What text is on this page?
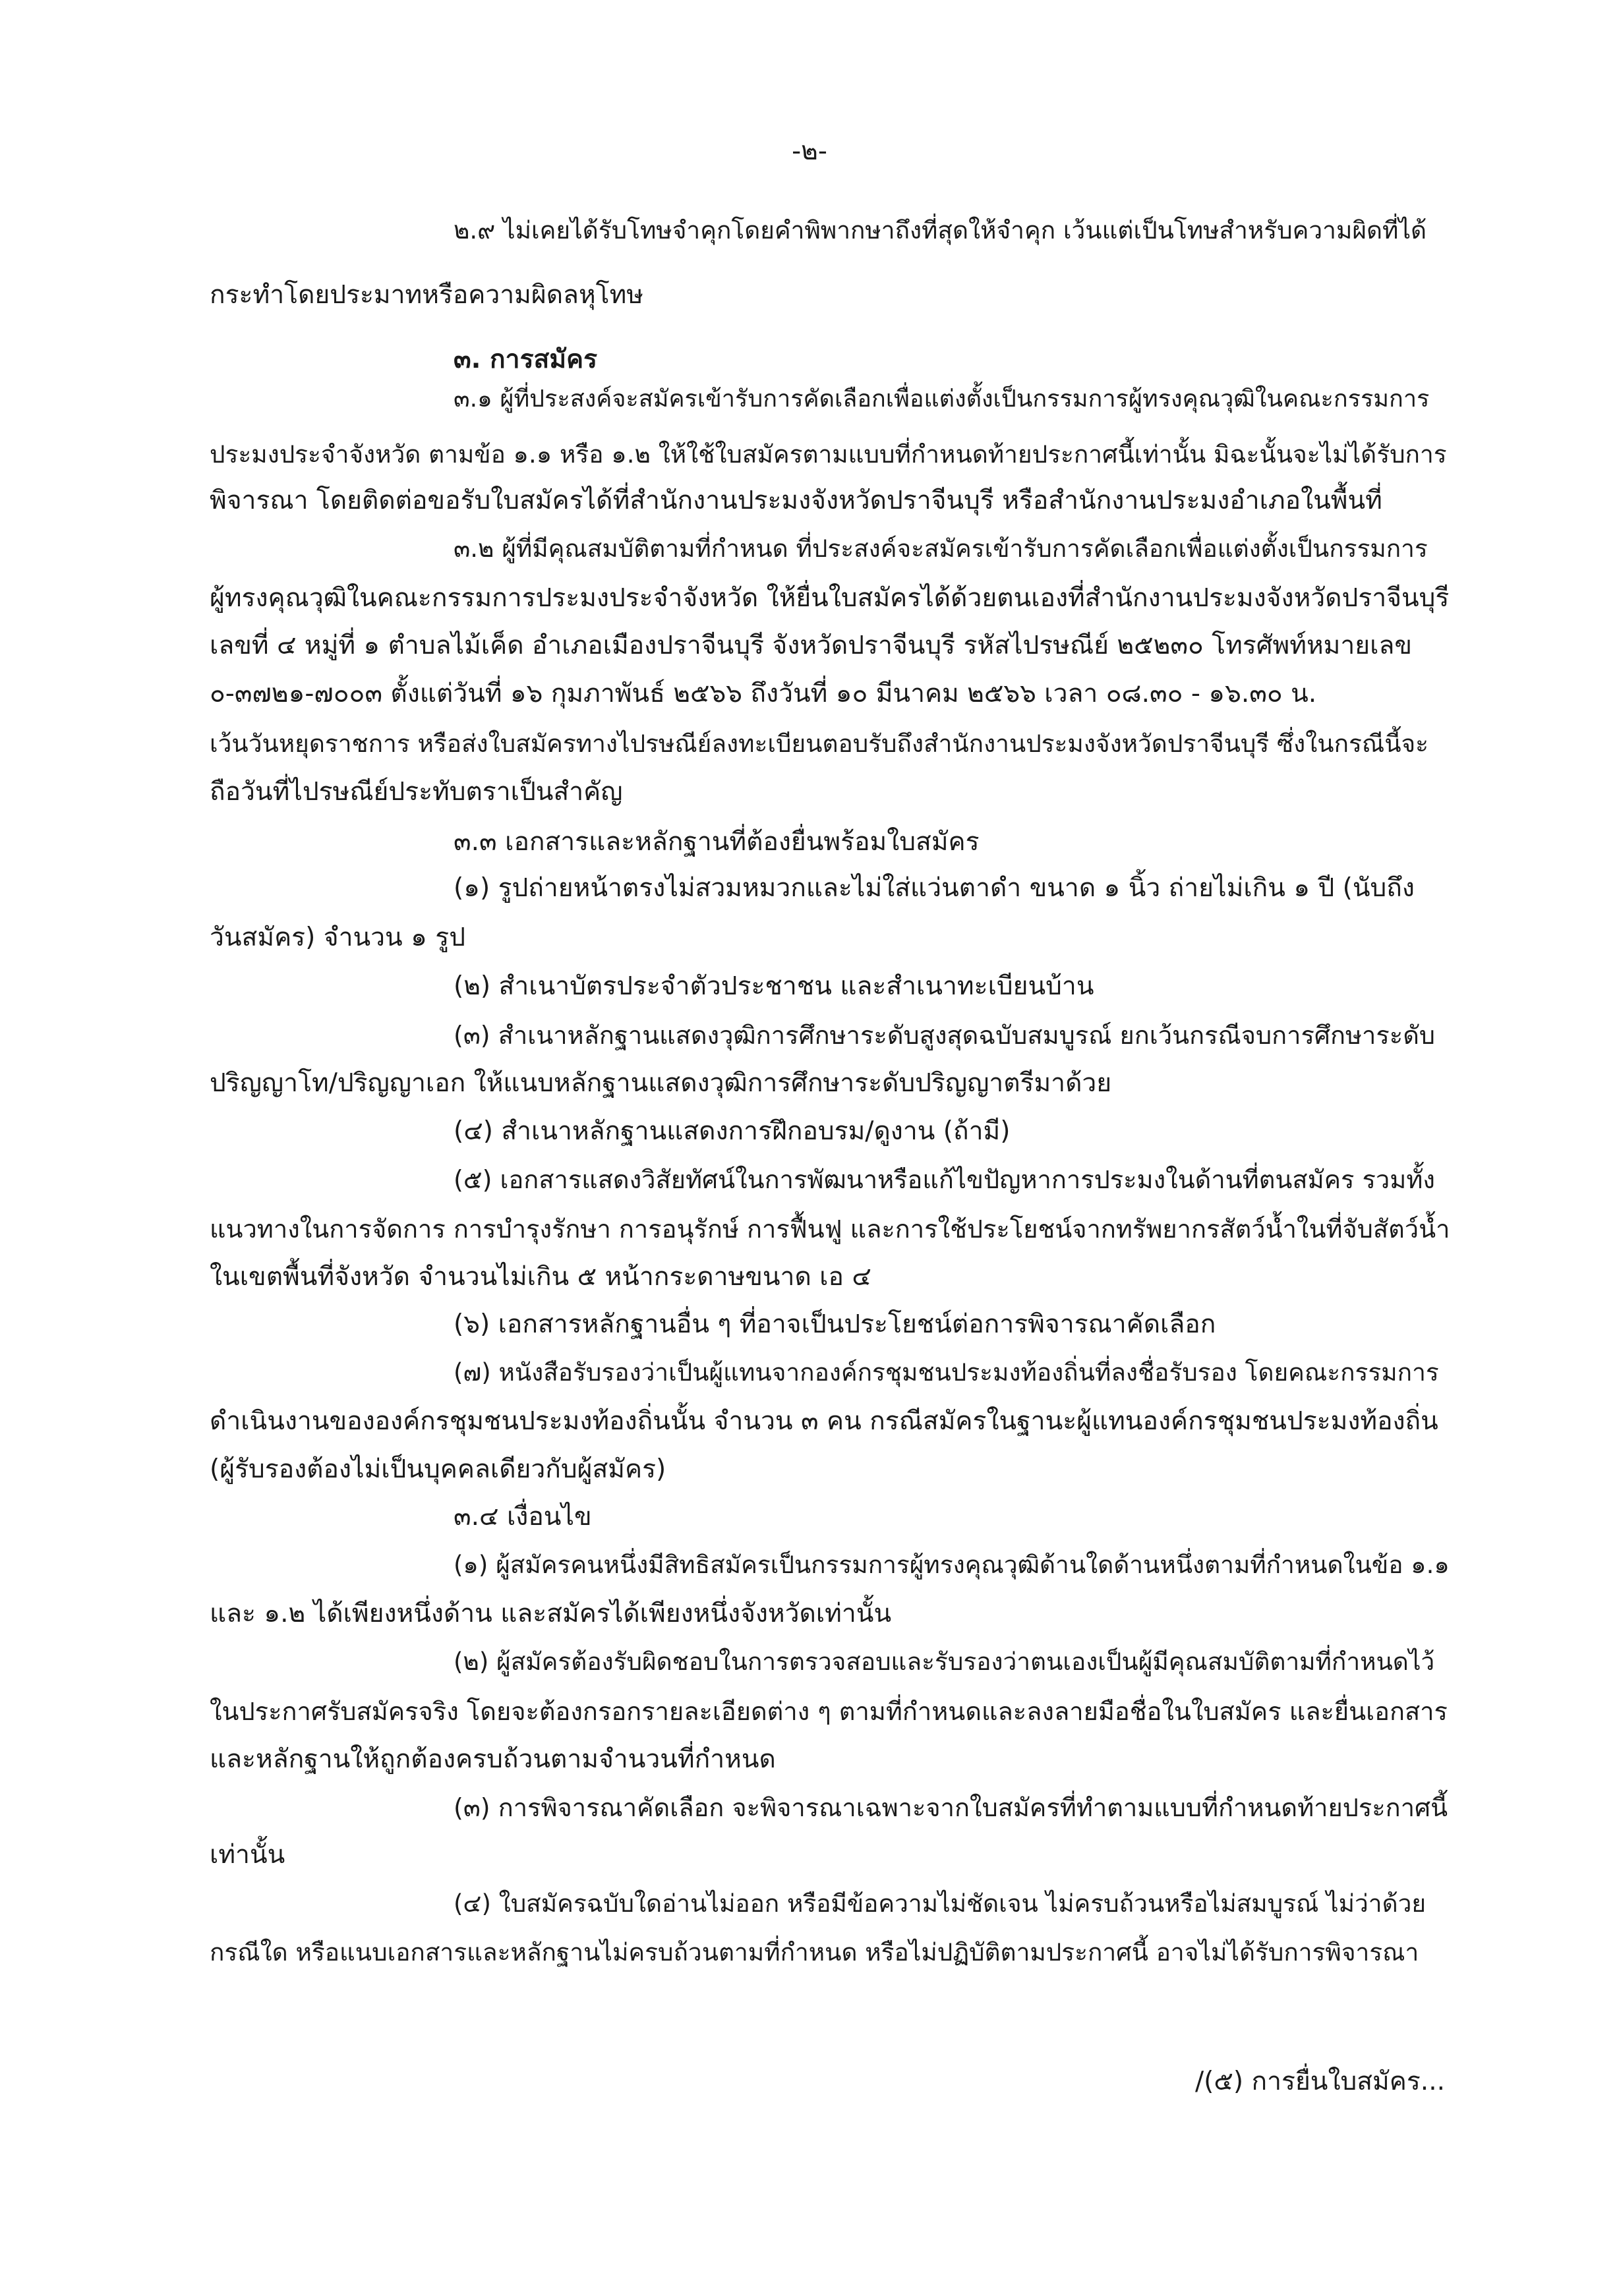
-๒-
๒.๙ ไม่เคยได้รับโทษจำคุกโดยคำพิพากษาถึงที่สุดให้จำคุก เว้นแต่เป็นโทษสำหรับความผิดที่ได้
กระทำโดยประมาทหรือความผิดลหุโทษ
๓. การสมัคร
๓.๑ ผู้ที่ประสงค์จะสมัครเข้ารับการคัดเลือกเพื่อแต่งตั้งเป็นกรรมการผู้ทรงคุณวุฒิในคณะกรรมการ
ประมงประจำจังหวัด ตามข้อ ๑.๑ หรือ ๑.๒ ให้ใช้ใบสมัครตามแบบที่กำหนดท้ายประกาศนี้เท่านั้น มิฉะนั้นจะไม่ได้รับการ
พิจารณา โดยติดต่อขอรับใบสมัครได้ที่สำนักงานประมงจังหวัดปราจีนบุรี หรือสำนักงานประมงอำเภอในพื้นที่
๓.๒ ผู้ที่มีคุณสมบัติตามที่กำหนด ที่ประสงค์จะสมัครเข้ารับการคัดเลือกเพื่อแต่งตั้งเป็นกรรมการ
ผู้ทรงคุณวุฒิในคณะกรรมการประมงประจำจังหวัด ให้ยื่นใบสมัครได้ด้วยตนเองที่สำนักงานประมงจังหวัดปราจีนบุรี
เลขที่ ๔ หมู่ที่ ๑ ตำบลไม้เค็ด อำเภอเมืองปราจีนบุรี จังหวัดปราจีนบุรี รหัสไปรษณีย์ ๒๕๒๓๐ โทรศัพท์หมายเลข
๐-๓๗๒๑-๗๐๐๓ ตั้งแต่วันที่ ๑๖ กุมภาพันธ์ ๒๕๖๖ ถึงวันที่ ๑๐ มีนาคม ๒๕๖๖ เวลา ๐๘.๓๐ - ๑๖.๓๐ น.
เว้นวันหยุดราชการ หรือส่งใบสมัครทางไปรษณีย์ลงทะเบียนตอบรับถึงสำนักงานประมงจังหวัดปราจีนบุรี ซึ่งในกรณีนี้จะ
ถือวันที่ไปรษณีย์ประทับตราเป็นสำคัญ
๓.๓ เอกสารและหลักฐานที่ต้องยื่นพร้อมใบสมัคร
(๑) รูปถ่ายหน้าตรงไม่สวมหมวกและไม่ใส่แว่นตาดำ ขนาด ๑ นิ้ว ถ่ายไม่เกิน ๑ ปี (นับถึง
วันสมัคร) จำนวน ๑ รูป
(๒) สำเนาบัตรประจำตัวประชาชน และสำเนาทะเบียนบ้าน
(๓) สำเนาหลักฐานแสดงวุฒิการศึกษาระดับสูงสุดฉบับสมบูรณ์ ยกเว้นกรณีจบการศึกษาระดับ
ปริญญาโท/ปริญญาเอก ให้แนบหลักฐานแสดงวุฒิการศึกษาระดับปริญญาตรีมาด้วย
(๔) สำเนาหลักฐานแสดงการฝึกอบรม/ดูงาน (ถ้ามี)
(๕) เอกสารแสดงวิสัยทัศน์ในการพัฒนาหรือแก้ไขปัญหาการประมงในด้านที่ตนสมัคร รวมทั้ง
แนวทางในการจัดการ การบำรุงรักษา การอนุรักษ์ การฟื้นฟู และการใช้ประโยชน์จากทรัพยากรสัตว์น้ำในที่จับสัตว์น้ำ
ในเขตพื้นที่จังหวัด จำนวนไม่เกิน ๕ หน้ากระดาษขนาด เอ ๔
(๖) เอกสารหลักฐานอื่น ๆ ที่อาจเป็นประโยชน์ต่อการพิจารณาคัดเลือก
(๗) หนังสือรับรองว่าเป็นผู้แทนจากองค์กรชุมชนประมงท้องถิ่นที่ลงชื่อรับรอง โดยคณะกรรมการ
ดำเนินงานขององค์กรชุมชนประมงท้องถิ่นนั้น จำนวน ๓ คน กรณีสมัครในฐานะผู้แทนองค์กรชุมชนประมงท้องถิ่น
(ผู้รับรองต้องไม่เป็นบุคคลเดียวกับผู้สมัคร)
๓.๔ เงื่อนไข
(๑) ผู้สมัครคนหนึ่งมีสิทธิสมัครเป็นกรรมการผู้ทรงคุณวุฒิด้านใดด้านหนึ่งตามที่กำหนดในข้อ ๑.๑
และ ๑.๒ ได้เพียงหนึ่งด้าน และสมัครได้เพียงหนึ่งจังหวัดเท่านั้น
(๒) ผู้สมัครต้องรับผิดชอบในการตรวจสอบและรับรองว่าตนเองเป็นผู้มีคุณสมบัติตามที่กำหนดไว้
ในประกาศรับสมัครจริง โดยจะต้องกรอกรายละเอียดต่าง ๆ ตามที่กำหนดและลงลายมือชื่อในใบสมัคร และยื่นเอกสาร
และหลักฐานให้ถูกต้องครบถ้วนตามจำนวนที่กำหนด
(๓) การพิจารณาคัดเลือก จะพิจารณาเฉพาะจากใบสมัครที่ทำตามแบบที่กำหนดท้ายประกาศนี้
เท่านั้น
(๔) ใบสมัครฉบับใดอ่านไม่ออก หรือมีข้อความไม่ชัดเจน ไม่ครบถ้วนหรือไม่สมบูรณ์ ไม่ว่าด้วย
กรณีใด หรือแนบเอกสารและหลักฐานไม่ครบถ้วนตามที่กำหนด หรือไม่ปฏิบัติตามประกาศนี้ อาจไม่ได้รับการพิจารณา
/(๕) การยื่นใบสมัคร...
